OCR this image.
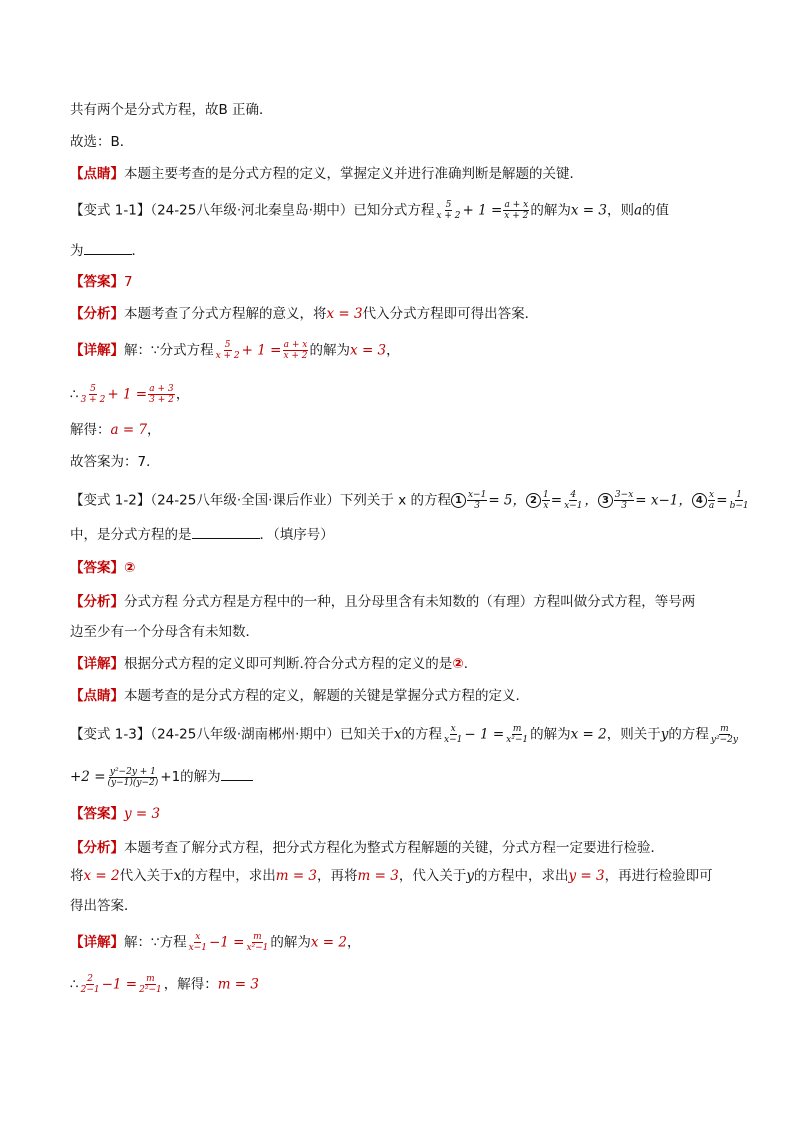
共有两个是分式方程，故B 正确．
故选：B．
【点睛】本题主要考查的是分式方程的定义，掌握定义并进行准确判断是解题的关键．
【变式 1-1】（24-25八年级·河北秦皇岛·期中）已知分式方程 $\frac{5}{x + 2} + 1 = \frac{a + x}{x + 2}$ 的解为x = 3，则a的值
为	．
【答案】7
【分析】本题考查了分式方程解的意义，将x = 3代入分式方程即可得出答案．
【详解】解：∵分式方程 $\frac{5}{x + 2} + 1 = \frac{a + x}{x + 2}$ 的解为x = 3，
∴ $\frac{5}{3 + 2} + 1 = \frac{a + 3}{3 + 2}$ ，
解得：a = 7，
故答案为：7．
【变式 1-2】（24-25八年级·全国·课后作业）下列关于 x 的方程 $1 \frac{x-1}{3} = 5$， $2 \frac{1}{x} = \frac{4}{x-1}$ ， $3 \frac{3-x}{3} = x-1$， $4 \frac{x}{a} = \frac{1}{b-1}$
中，是分式方程的是	．（填序号）
【答案】②
【分析】分式方程 分式方程是方程中的一种，且分母里含有未知数的（有理）方程叫做分式方程，等号两
边至少有一个分母含有未知数．
【详解】根据分式方程的定义即可判断.符合分式方程的定义的是②.
【点睛】本题考查的是分式方程的定义，解题的关键是掌握分式方程的定义.
【变式 1-3】（24-25八年级·湖南郴州·期中）已知关于x的方程 $\frac{x}{x-1} - 1 = \frac{m}{\text{x²−1}}$ 的解为x = 2，则关于y的方程 $\frac{m}{\text{y²−2y}}$
$+2 = \frac{\text{y²−2y + 1}}{(y-1)(y-2)} +1$的解为
【答案】y = 3
【分析】本题考查了解分式方程，把分式方程化为整式方程解题的关键，分式方程一定要进行检验．
将x = 2代入关于x的方程中，求出m = 3，再将m = 3，代入关于y的方程中，求出y = 3，再进行检验即可
得出答案．
【详解】解：∵方程 $\frac{x}{x-1} -1 = \frac{m}{\text{x²−1}}$ 的解为x = 2，
∴ $\frac{2}{2-1} -1 = \frac{m}{\text{2²−1}}$ ，解得：m = 3
